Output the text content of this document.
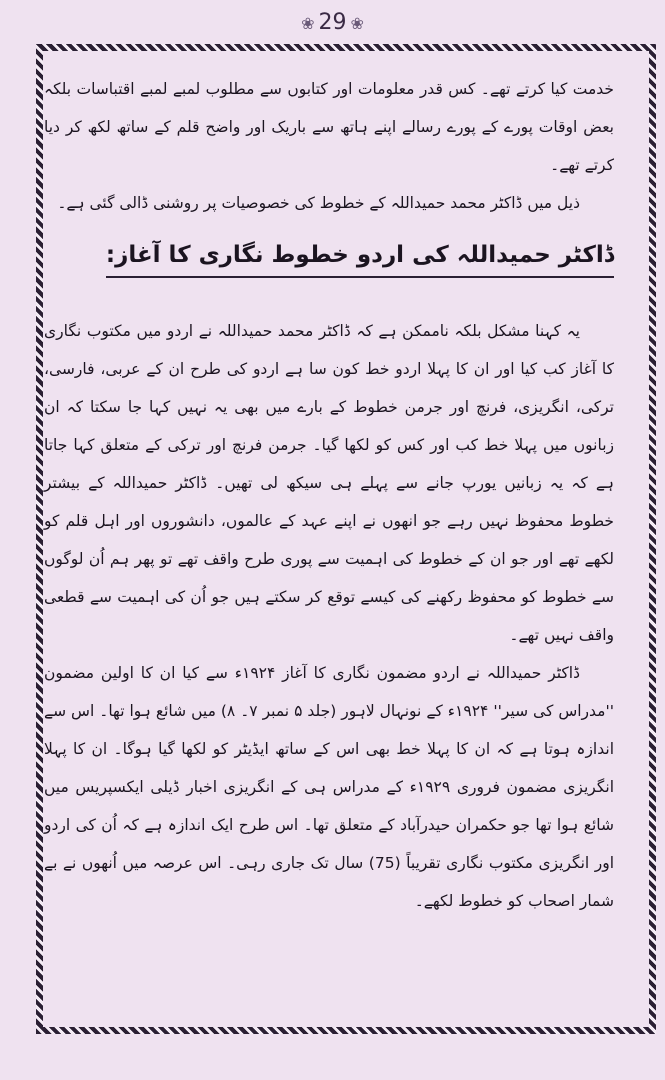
❀ 29 ❀

خدمت کیا کرتے تھے۔ کس قدر معلومات اور کتابوں سے مطلوب لمبے لمبے اقتباسات بلکہ بعض اوقات پورے کے پورے رسالے اپنے ہاتھ سے باریک اور واضح قلم کے ساتھ لکھ کر دیا کرتے تھے۔

ذیل میں ڈاکٹر محمد حمیداللہ کے خطوط کی خصوصیات پر روشنی ڈالی گئی ہے۔

ڈاکٹر حمیداللہ کی اردو خطوط نگاری کا آغاز:

یہ کہنا مشکل بلکہ ناممکن ہے کہ ڈاکٹر محمد حمیداللہ نے اردو میں مکتوب نگاری کا آغاز کب کیا اور ان کا پہلا اردو خط کون سا ہے اردو کی طرح ان کے عربی، فارسی، ترکی، انگریزی، فرنچ اور جرمن خطوط کے بارے میں بھی یہ نہیں کہا جا سکتا کہ ان زبانوں میں پہلا خط کب اور کس کو لکھا گیا۔ جرمن فرنچ اور ترکی کے متعلق کہا جاتا ہے کہ یہ زبانیں یورپ جانے سے پہلے ہی سیکھ لی تھیں۔ ڈاکٹر حمیداللہ کے بیشتر خطوط محفوظ نہیں رہے جو انھوں نے اپنے عہد کے عالموں، دانشوروں اور اہل قلم کو لکھے تھے اور جو ان کے خطوط کی اہمیت سے پوری طرح واقف تھے تو پھر ہم اُن لوگوں سے خطوط کو محفوظ رکھنے کی کیسے توقع کر سکتے ہیں جو اُن کی اہمیت سے قطعی واقف نہیں تھے۔

ڈاکٹر حمیداللہ نے اردو مضمون نگاری کا آغاز ۱۹۲۴ء سے کیا ان کا اولین مضمون ''مدراس کی سیر'' ۱۹۲۴ء کے نونہال لاہور (جلد ۵ نمبر ۷۔ ۸) میں شائع ہوا تھا۔ اس سے اندازہ ہوتا ہے کہ ان کا پہلا خط بھی اس کے ساتھ ایڈیٹر کو لکھا گیا ہوگا۔ ان کا پہلا انگریزی مضمون فروری ۱۹۲۹ء کے مدراس ہی کے انگریزی اخبار ڈیلی ایکسپریس میں شائع ہوا تھا جو حکمران حیدرآباد کے متعلق تھا۔ اس طرح ایک اندازہ ہے کہ اُن کی اردو اور انگریزی مکتوب نگاری تقریباً (75) سال تک جاری رہی۔ اس عرصہ میں اُنھوں نے بے شمار اصحاب کو خطوط لکھے۔
